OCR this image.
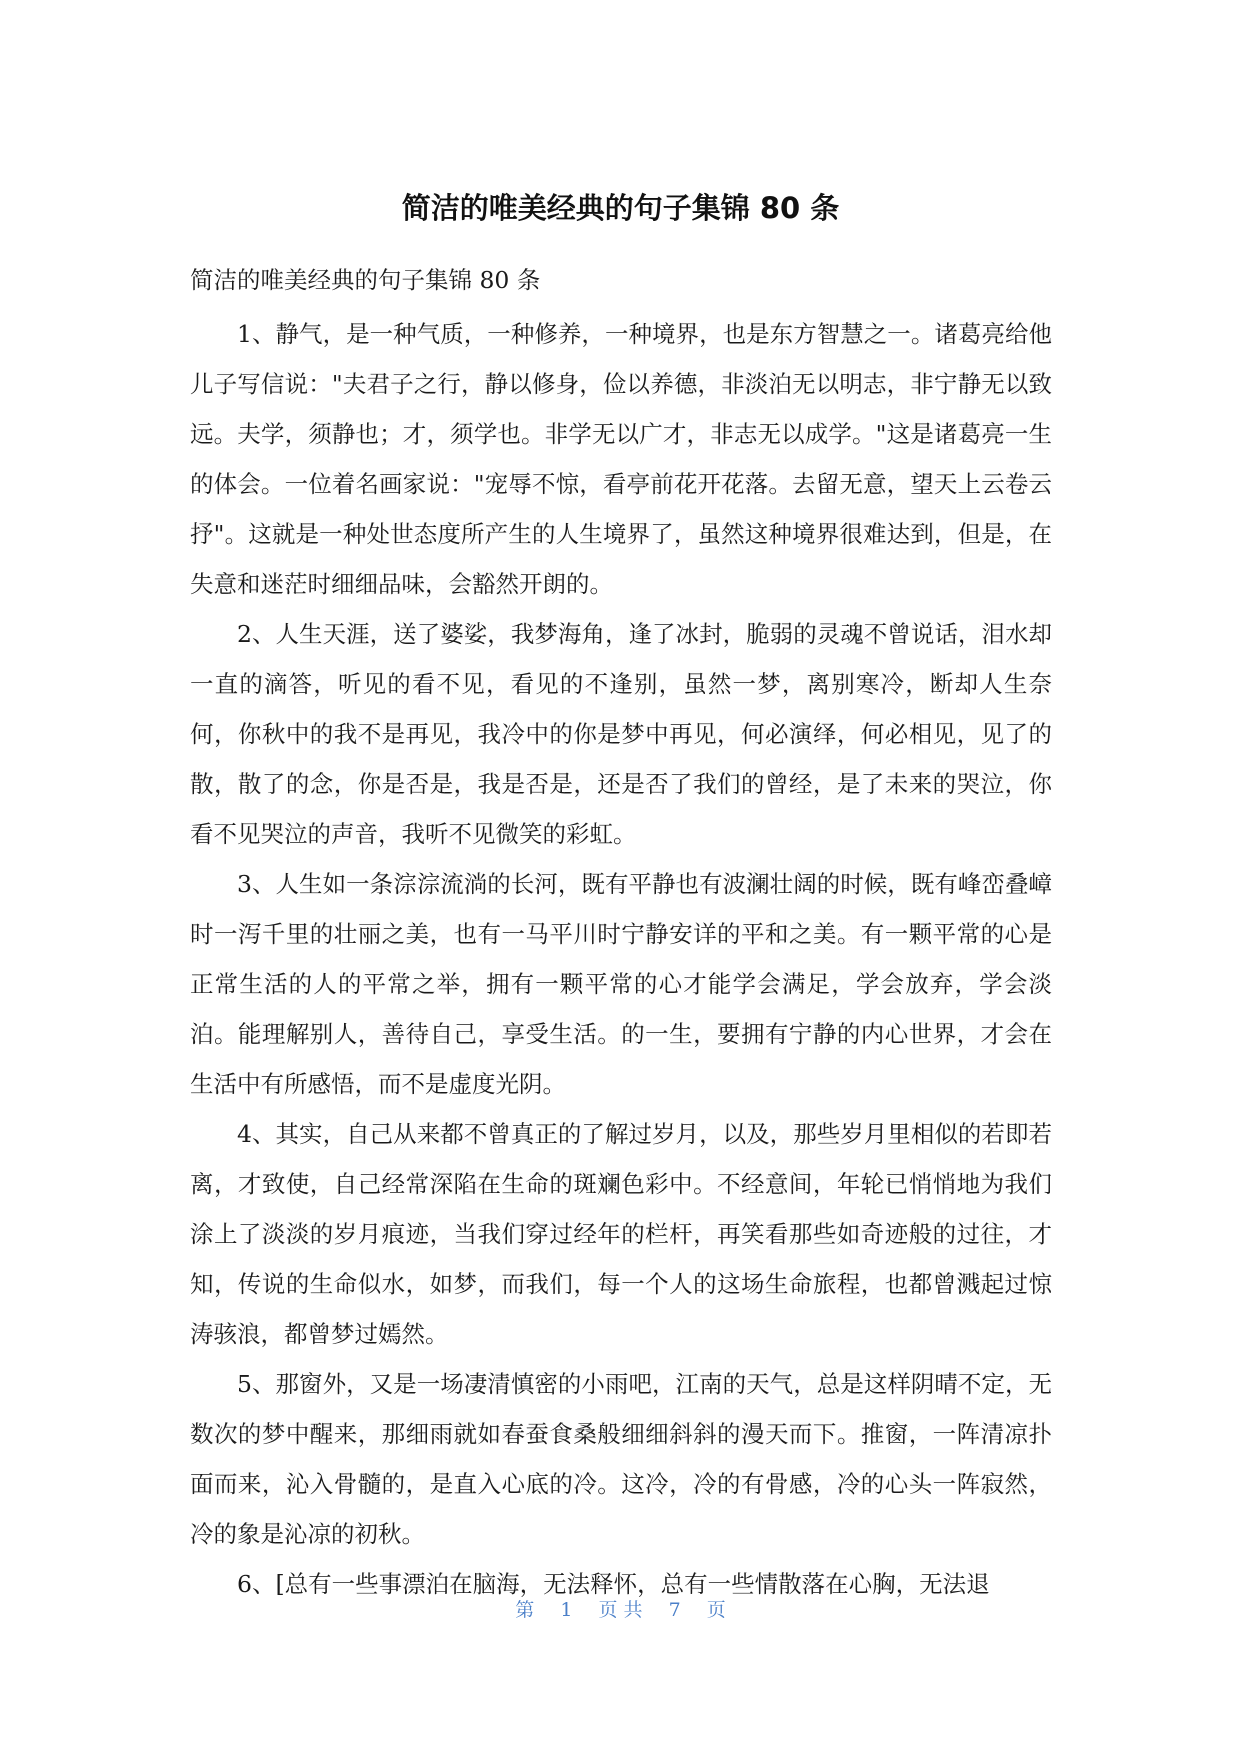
简洁的唯美经典的句子集锦 80 条

简洁的唯美经典的句子集锦 80 条

1、静气，是一种气质，一种修养，一种境界，也是东方智慧之一。诸葛亮给他儿子写信说："夫君子之行，静以修身，俭以养德，非淡泊无以明志，非宁静无以致远。夫学，须静也；才，须学也。非学无以广才，非志无以成学。"这是诸葛亮一生的体会。一位着名画家说："宠辱不惊，看亭前花开花落。去留无意，望天上云卷云抒"。这就是一种处世态度所产生的人生境界了，虽然这种境界很难达到，但是，在失意和迷茫时细细品味，会豁然开朗的。

2、人生天涯，送了婆娑，我梦海角，逢了冰封，脆弱的灵魂不曾说话，泪水却一直的滴答，听见的看不见，看见的不逢别，虽然一梦，离别寒冷，断却人生奈何，你秋中的我不是再见，我冷中的你是梦中再见，何必演绎，何必相见，见了的散，散了的念，你是否是，我是否是，还是否了我们的曾经，是了未来的哭泣，你看不见哭泣的声音，我听不见微笑的彩虹。

3、人生如一条淙淙流淌的长河，既有平静也有波澜壮阔的时候，既有峰峦叠嶂时一泻千里的壮丽之美，也有一马平川时宁静安详的平和之美。有一颗平常的心是正常生活的人的平常之举，拥有一颗平常的心才能学会满足，学会放弃，学会淡泊。能理解别人，善待自己，享受生活。的一生，要拥有宁静的内心世界，才会在生活中有所感悟，而不是虚度光阴。

4、其实，自己从来都不曾真正的了解过岁月，以及，那些岁月里相似的若即若离，才致使，自己经常深陷在生命的斑斓色彩中。不经意间，年轮已悄悄地为我们涂上了淡淡的岁月痕迹，当我们穿过经年的栏杆，再笑看那些如奇迹般的过往，才知，传说的生命似水，如梦，而我们，每一个人的这场生命旅程，也都曾溅起过惊涛骇浪，都曾梦过嫣然。

5、那窗外，又是一场凄清慎密的小雨吧，江南的天气，总是这样阴晴不定，无数次的梦中醒来，那细雨就如春蚕食桑般细细斜斜的漫天而下。推窗，一阵清凉扑面而来，沁入骨髓的，是直入心底的冷。这冷，冷的有骨感，冷的心头一阵寂然，冷的象是沁凉的初秋。

6、[总有一些事漂泊在脑海，无法释怀，总有一些情散落在心胸，无法退

第 1 页 共 7 页
